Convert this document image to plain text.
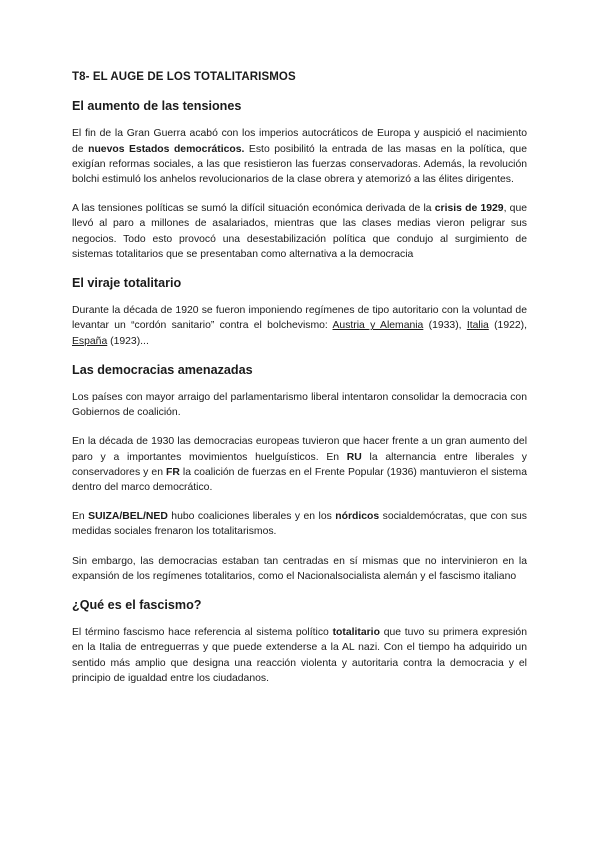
T8- EL AUGE DE LOS TOTALITARISMOS
El aumento de las tensiones

El fin de la Gran Guerra acabó con los imperios autocráticos de Europa y auspició el nacimiento de nuevos Estados democráticos. Esto posibilitó la entrada de las masas en la política, que exigían reformas sociales, a las que resistieron las fuerzas conservadoras. Además, la revolución bolchi estimuló los anhelos revolucionarios de la clase obrera y atemorizó a las élites dirigentes.

A las tensiones políticas se sumó la difícil situación económica derivada de la crisis de 1929, que llevó al paro a millones de asalariados, mientras que las clases medias vieron peligrar sus negocios. Todo esto provocó una desestabilización política que condujo al surgimiento de sistemas totalitarios que se presentaban como alternativa a la democracia

El viraje totalitario

Durante la década de 1920 se fueron imponiendo regímenes de tipo autoritario con la voluntad de levantar un “cordón sanitario” contra el bolchevismo: Austria y Alemania (1933), Italia (1922), España (1923)...

Las democracias amenazadas

Los países con mayor arraigo del parlamentarismo liberal intentaron consolidar la democracia con Gobiernos de coalición.

En la década de 1930 las democracias europeas tuvieron que hacer frente a un gran aumento del paro y a importantes movimientos huelguísticos. En RU la alternancia entre liberales y conservadores y en FR la coalición de fuerzas en el Frente Popular (1936) mantuvieron el sistema dentro del marco democrático.

En SUIZA/BEL/NED hubo coaliciones liberales y en los nórdicos socialdemócratas, que con sus medidas sociales frenaron los totalitarismos.

Sin embargo, las democracias estaban tan centradas en sí mismas que no intervinieron en la expansión de los regímenes totalitarios, como el Nacionalsocialista alemán y el fascismo italiano

¿Qué es el fascismo?

El término fascismo hace referencia al sistema político totalitario que tuvo su primera expresión en la Italia de entreguerras y que puede extenderse a la AL nazi. Con el tiempo ha adquirido un sentido más amplio que designa una reacción violenta y autoritaria contra la democracia y el principio de igualdad entre los ciudadanos.
